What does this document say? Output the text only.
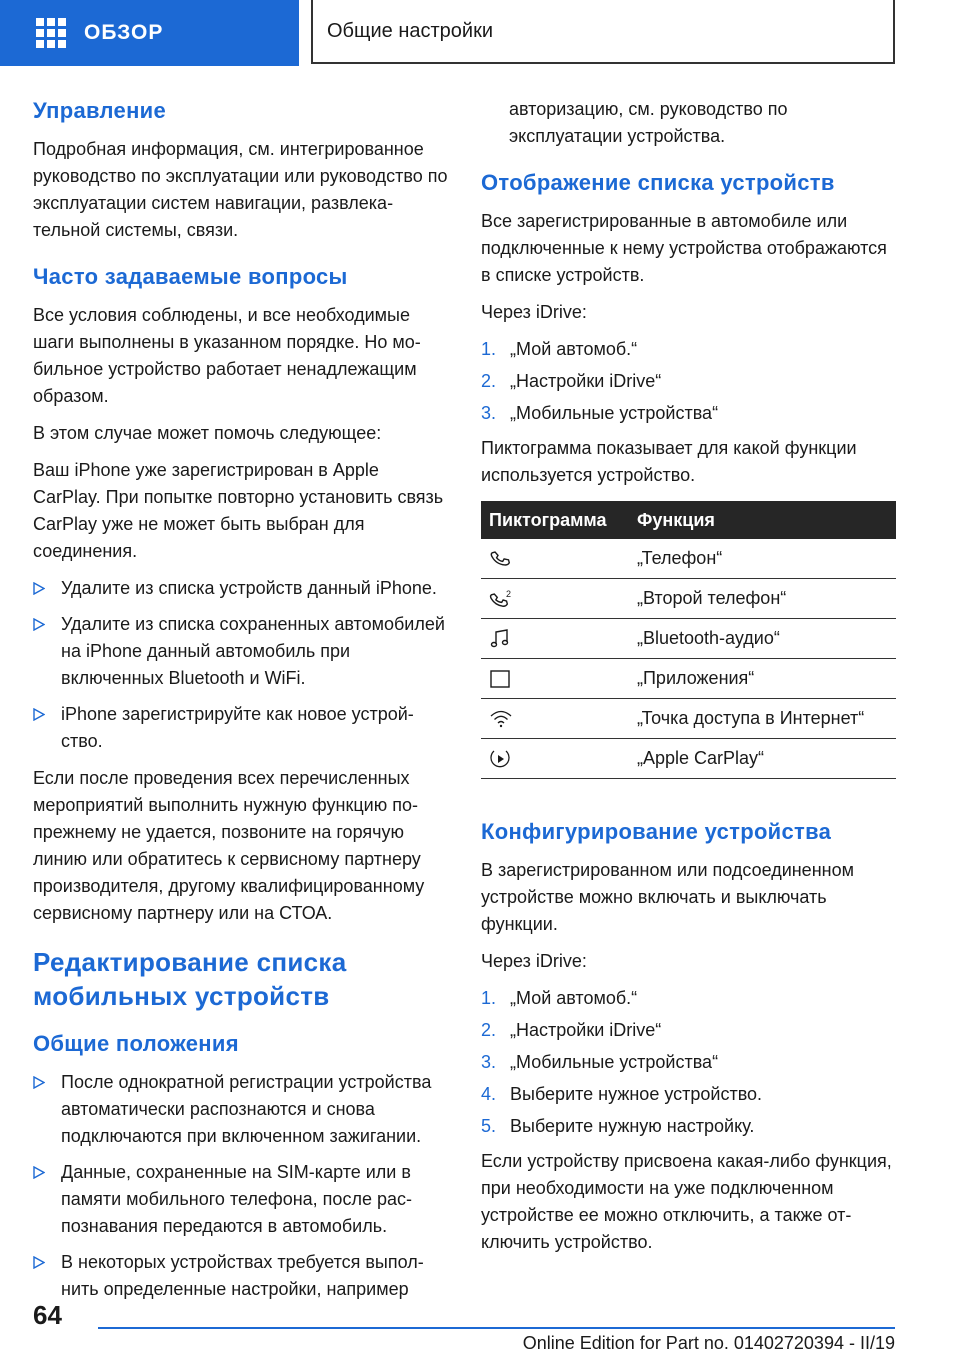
ОБЗОР	Общие настройки
Управление

Подробная информация, см. интегрированное руководство по эксплуатации или руководство по эксплуатации систем навигации, развлекательной системы, связи.

Часто задаваемые вопросы

Все условия соблюдены, и все необходимые шаги выполнены в указанном порядке. Но мобильное устройство работает ненадлежащим образом.

В этом случае может помочь следующее:

Ваш iPhone уже зарегистрирован в Apple CarPlay. При попытке повторно установить связь CarPlay уже не может быть выбран для соединения.

Удалите из списка устройств данный iPhone.
Удалите из списка сохраненных автомобилей на iPhone данный автомобиль при включенных Bluetooth и WiFi.
iPhone зарегистрируйте как новое устройство.

Если после проведения всех перечисленных мероприятий выполнить нужную функцию по-прежнему не удается, позвоните на горячую линию или обратитесь к сервисному партнеру производителя, другому квалифицированному сервисному партнеру или на СТОА.

Редактирование списка мобильных устройств
Общие положения
После однократной регистрации устройства автоматически распознаются и снова подключаются при включенном зажигании.
Данные, сохраненные на SIM-карте или в памяти мобильного телефона, после распознавания передаются в автомобиль.
В некоторых устройствах требуется выполнить определенные настройки, например

авторизацию, см. руководство по эксплуатации устройства.

Отображение списка устройств

Все зарегистрированные в автомобиле или подключенные к нему устройства отображаются в списке устройств.

Через iDrive:

1. „Мой автомоб.“
2. „Настройки iDrive“
3. „Мобильные устройства“

Пиктограмма показывает для какой функции используется устройство.

Пиктограмма	Функция

	„Телефон“

2	„Второй телефон“

	„Bluetooth-аудио“

	„Приложения“

	„Точка доступа в Интернет“

	„Apple CarPlay“
Конфигурирование устройства

В зарегистрированном или подсоединенном устройстве можно включать и выключать функции.

Через iDrive:

1. „Мой автомоб.“
2. „Настройки iDrive“
3. „Мобильные устройства“
4. Выберите нужное устройство.
5. Выберите нужную настройку.

Если устройству присвоена какая-либо функция, при необходимости на уже подключенном устройстве ее можно отключить, а также отключить устройство.

64
Online Edition for Part no. 01402720394 - II/19
